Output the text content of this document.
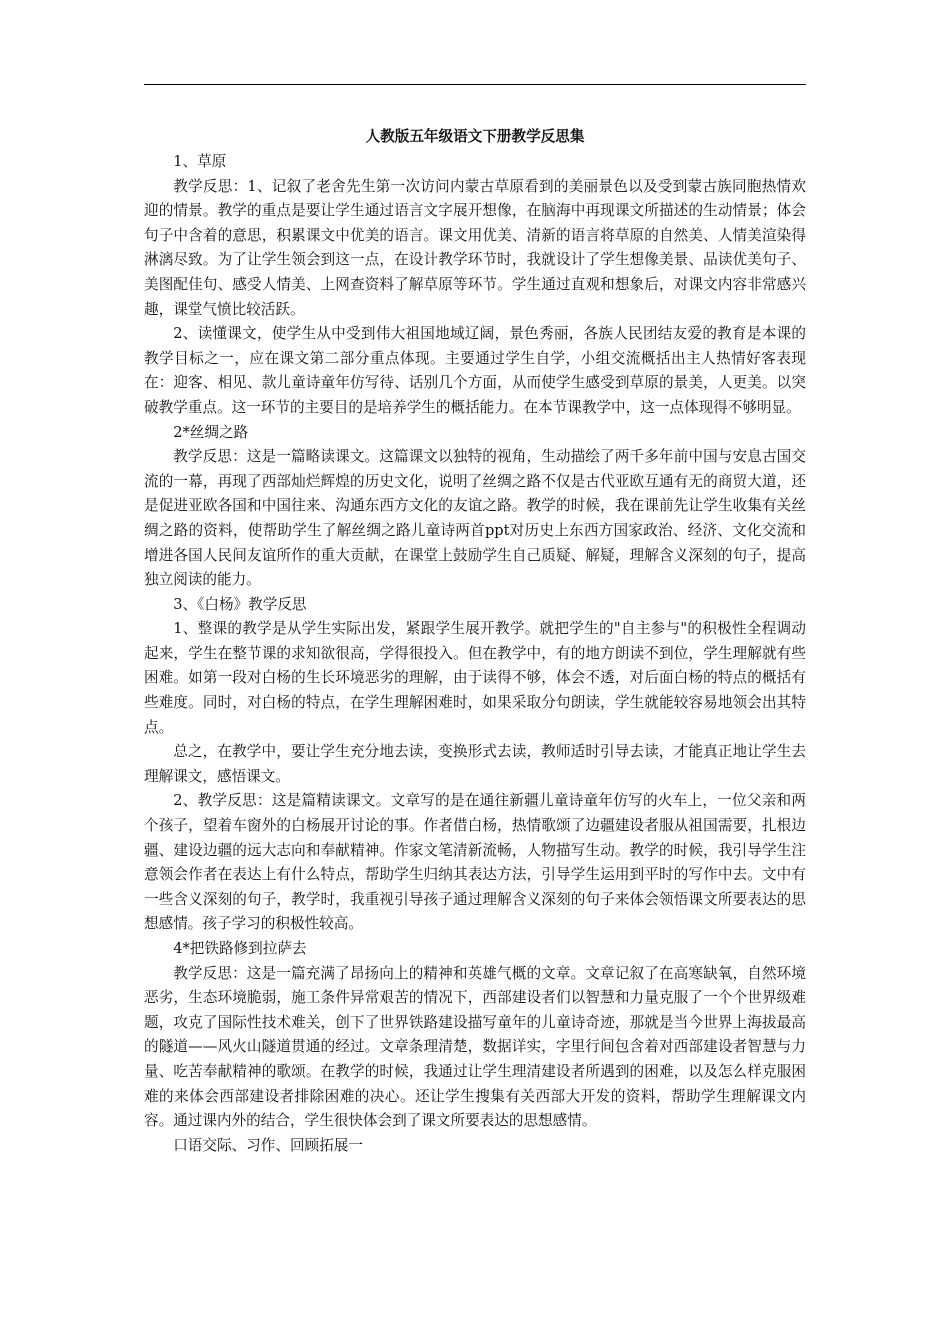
人教版五年级语文下册教学反思集

1、草原

教学反思：1、记叙了老舍先生第一次访问内蒙古草原看到的美丽景色以及受到蒙古族同胞热情欢迎的情景。教学的重点是要让学生通过语言文字展开想像，在脑海中再现课文所描述的生动情景；体会句子中含着的意思，积累课文中优美的语言。课文用优美、清新的语言将草原的自然美、人情美渲染得淋漓尽致。为了让学生领会到这一点，在设计教学环节时，我就设计了学生想像美景、品读优美句子、美图配佳句、感受人情美、上网查资料了解草原等环节。学生通过直观和想象后，对课文内容非常感兴趣，课堂气愤比较活跃。

2、读懂课文，使学生从中受到伟大祖国地域辽阔，景色秀丽，各族人民团结友爱的教育是本课的教学目标之一，应在课文第二部分重点体现。主要通过学生自学，小组交流概括出主人热情好客表现在：迎客、相见、款儿童诗童年仿写待、话别几个方面，从而使学生感受到草原的景美，人更美。以突破教学重点。这一环节的主要目的是培养学生的概括能力。在本节课教学中，这一点体现得不够明显。

2*丝绸之路

教学反思：这是一篇略读课文。这篇课文以独特的视角，生动描绘了两千多年前中国与安息古国交流的一幕，再现了西部灿烂辉煌的历史文化，说明了丝绸之路不仅是古代亚欧互通有无的商贸大道，还是促进亚欧各国和中国往来、沟通东西方文化的友谊之路。教学的时候，我在课前先让学生收集有关丝绸之路的资料，使帮助学生了解丝绸之路儿童诗两首ppt对历史上东西方国家政治、经济、文化交流和增进各国人民间友谊所作的重大贡献，在课堂上鼓励学生自己质疑、解疑，理解含义深刻的句子，提高独立阅读的能力。

3、《白杨》教学反思

1、整课的教学是从学生实际出发，紧跟学生展开教学。就把学生的"自主参与"的积极性全程调动起来，学生在整节课的求知欲很高，学得很投入。但在教学中，有的地方朗读不到位，学生理解就有些困难。如第一段对白杨的生长环境恶劣的理解，由于读得不够，体会不透，对后面白杨的特点的概括有些难度。同时，对白杨的特点，在学生理解困难时，如果采取分句朗读，学生就能较容易地领会出其特点。

总之，在教学中，要让学生充分地去读，变换形式去读，教师适时引导去读，才能真正地让学生去理解课文，感悟课文。

2、教学反思：这是篇精读课文。文章写的是在通往新疆儿童诗童年仿写的火车上，一位父亲和两个孩子，望着车窗外的白杨展开讨论的事。作者借白杨，热情歌颂了边疆建设者服从祖国需要，扎根边疆、建设边疆的远大志向和奉献精神。作家文笔清新流畅，人物描写生动。教学的时候，我引导学生注意领会作者在表达上有什么特点，帮助学生归纳其表达方法，引导学生运用到平时的写作中去。文中有一些含义深刻的句子，教学时，我重视引导孩子通过理解含义深刻的句子来体会领悟课文所要表达的思想感情。孩子学习的积极性较高。

4*把铁路修到拉萨去

教学反思：这是一篇充满了昂扬向上的精神和英雄气概的文章。文章记叙了在高寒缺氧，自然环境恶劣，生态环境脆弱，施工条件异常艰苦的情况下，西部建设者们以智慧和力量克服了一个个世界级难题，攻克了国际性技术难关，创下了世界铁路建设描写童年的儿童诗奇迹，那就是当今世界上海拔最高的隧道——风火山隧道贯通的经过。文章条理清楚，数据详实，字里行间包含着对西部建设者智慧与力量、吃苦奉献精神的歌颂。在教学的时候，我通过让学生理清建设者所遇到的困难，以及怎么样克服困难的来体会西部建设者排除困难的决心。还让学生搜集有关西部大开发的资料，帮助学生理解课文内容。通过课内外的结合，学生很快体会到了课文所要表达的思想感情。

口语交际、习作、回顾拓展一
